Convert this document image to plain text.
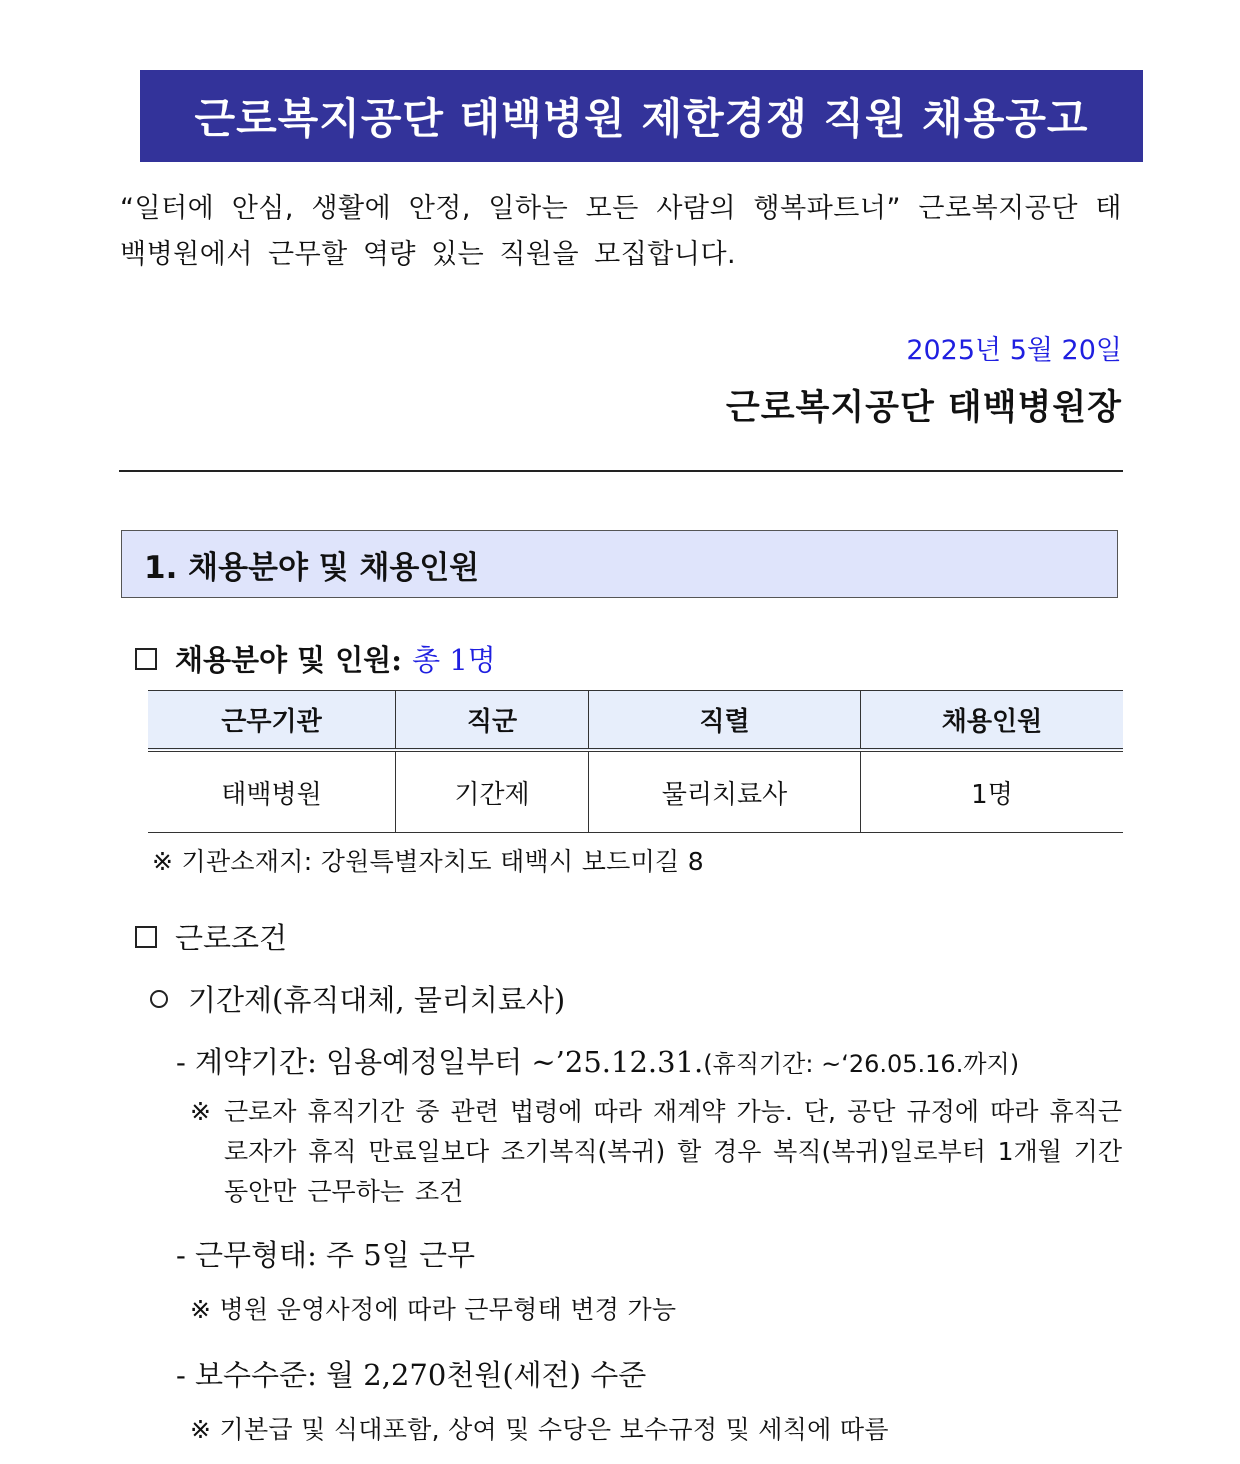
근로복지공단 태백병원 제한경쟁 직원 채용공고
“일터에 안심, 생활에 안정, 일하는 모든 사람의 행복파트너” 근로복지공단 태백병원에서 근무할 역량 있는 직원을 모집합니다.
2025년 5월 20일
근로복지공단 태백병원장
1. 채용분야 및 채용인원
채용분야 및 인원: 총 1명
근무기관	직군	직렬	채용인원
태백병원	기간제	물리치료사	1명
※ 기관소재지: 강원특별자치도 태백시 보드미길 8
근로조건
기간제(휴직대체, 물리치료사)
- 계약기간: 임용예정일부터 ~’25.12.31.(휴직기간: ~‘26.05.16.까지)
※ 근로자 휴직기간 중 관련 법령에 따라 재계약 가능. 단, 공단 규정에 따라 휴직근로자가 휴직 만료일보다 조기복직(복귀) 할 경우 복직(복귀)일로부터 1개월 기간동안만 근무하는 조건
- 근무형태: 주 5일 근무
※ 병원 운영사정에 따라 근무형태 변경 가능
- 보수수준: 월 2,270천원(세전) 수준
※ 기본급 및 식대포함, 상여 및 수당은 보수규정 및 세칙에 따름
